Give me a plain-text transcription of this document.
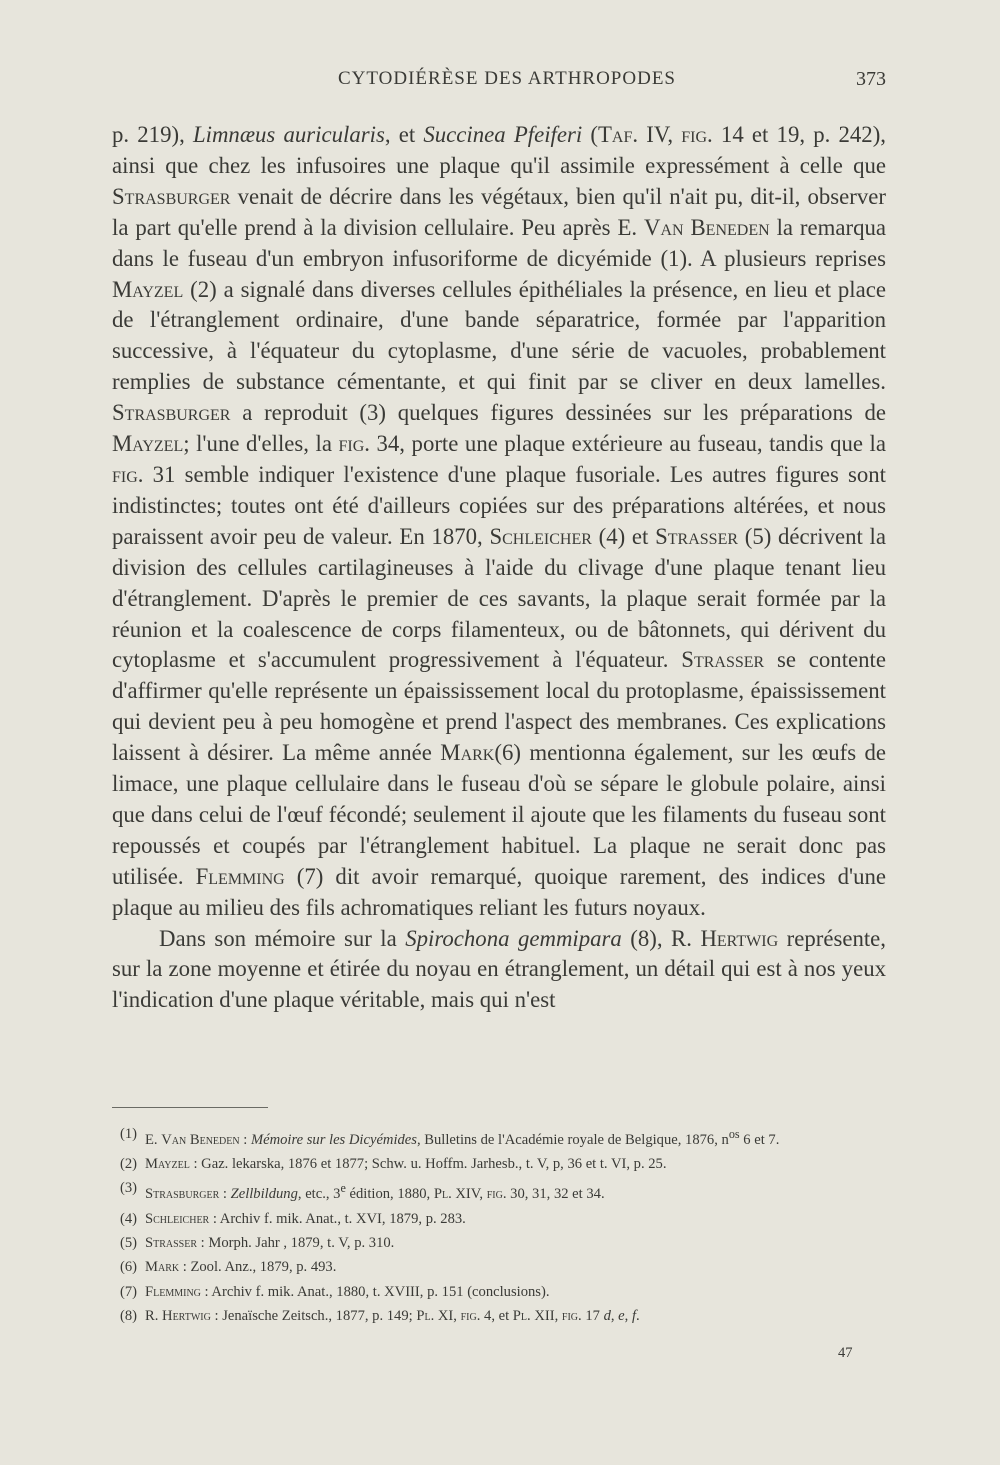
CYTODIÉRÈSE DES ARTHROPODES	373

p. 219), Limnæus auricularis, et Succinea Pfeiferi (Taf. IV, fig. 14 et 19, p. 242), ainsi que chez les infusoires une plaque qu'il assimile expressément à celle que Strasburger venait de décrire dans les végétaux, bien qu'il n'ait pu, dit-il, observer la part qu'elle prend à la division cellulaire. Peu après E. Van Beneden la remarqua dans le fuseau d'un embryon infusoriforme de dicyémide (1). A plusieurs reprises Mayzel (2) a signalé dans diverses cellules épithéliales la présence, en lieu et place de l'étranglement ordinaire, d'une bande séparatrice, formée par l'apparition successive, à l'équateur du cytoplasme, d'une série de vacuoles, probablement remplies de substance cémentante, et qui finit par se cliver en deux lamelles. Strasburger a reproduit (3) quelques figures dessinées sur les préparations de Mayzel; l'une d'elles, la fig. 34, porte une plaque extérieure au fuseau, tandis que la fig. 31 semble indiquer l'existence d'une plaque fusoriale. Les autres figures sont indistinctes; toutes ont été d'ailleurs copiées sur des préparations altérées, et nous paraissent avoir peu de valeur. En 1870, Schleicher (4) et Strasser (5) décrivent la division des cellules cartilagineuses à l'aide du clivage d'une plaque tenant lieu d'étranglement. D'après le premier de ces savants, la plaque serait formée par la réunion et la coalescence de corps filamenteux, ou de bâtonnets, qui dérivent du cytoplasme et s'accumulent progressivement à l'équateur. Strasser se contente d'affirmer qu'elle représente un épaississement local du protoplasme, épaississement qui devient peu à peu homogène et prend l'aspect des membranes. Ces explications laissent à désirer. La même année Mark(6) mentionna également, sur les œufs de limace, une plaque cellulaire dans le fuseau d'où se sépare le globule polaire, ainsi que dans celui de l'œuf fécondé; seulement il ajoute que les filaments du fuseau sont repoussés et coupés par l'étranglement habituel. La plaque ne serait donc pas utilisée. Flemming (7) dit avoir remarqué, quoique rarement, des indices d'une plaque au milieu des fils achromatiques reliant les futurs noyaux.

Dans son mémoire sur la Spirochona gemmipara (8), R. Hertwig représente, sur la zone moyenne et étirée du noyau en étranglement, un détail qui est à nos yeux l'indication d'une plaque véritable, mais qui n'est

(1) E. Van Beneden : Mémoire sur les Dicyémides, Bulletins de l'Académie royale de Belgique, 1876, $n^{os}$ 6 et 7.
(2) Mayzel : Gaz. lekarska, 1876 et 1877; Schw. u. Hoffm. Jarhesb., t. V, p, 36 et t. VI, p. 25.
(3) Strasburger : Zellbildung, etc., 3e édition, 1880, Pl. XIV, fig. 30, 31, 32 et 34.
(4) Schleicher : Archiv f. mik. Anat., t. XVI, 1879, p. 283.
(5) Strasser : Morph. Jahr , 1879, t. V, p. 310.
(6) Mark : Zool. Anz., 1879, p. 493.
(7) Flemming : Archiv f. mik. Anat., 1880, t. XVIII, p. 151 (conclusions).
(8) R. Hertwig : Jenaïsche Zeitsch., 1877, p. 149; Pl. XI, fig. 4, et Pl. XII, fig. 17 d, e, f.
47
